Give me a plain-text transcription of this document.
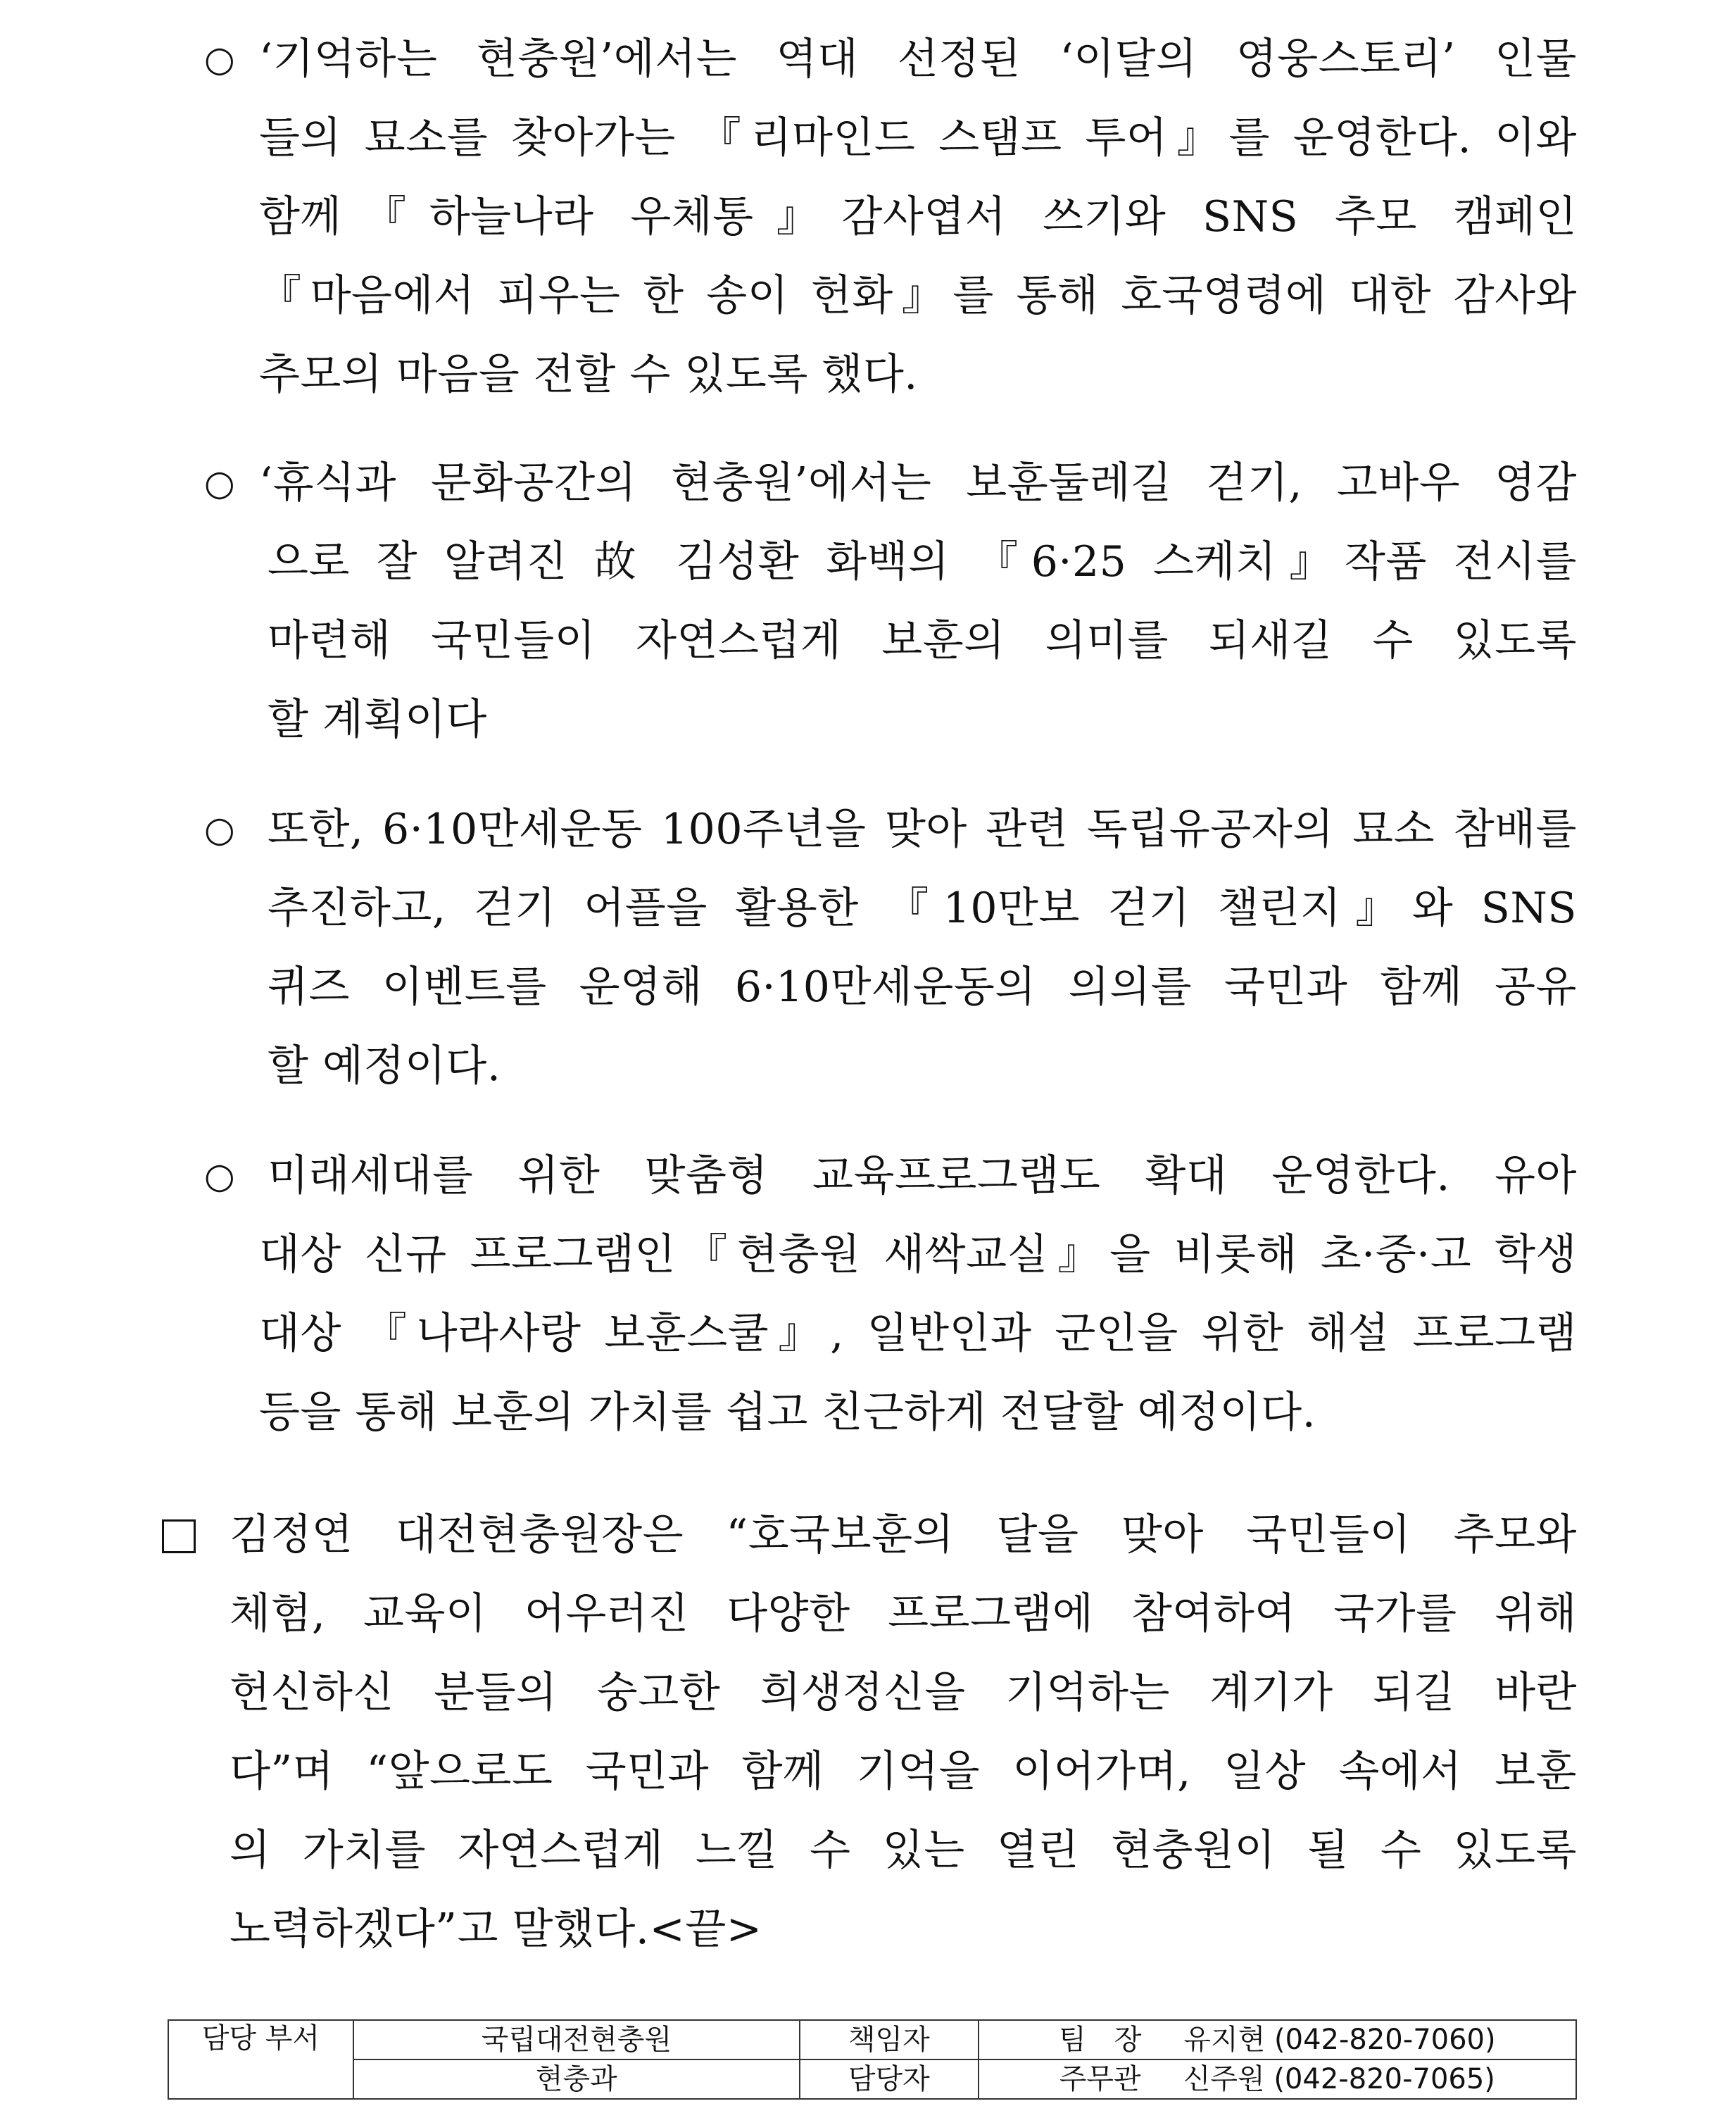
○ ‘기억하는 현충원’에서는 역대 선정된 ‘이달의 영웅스토리’ 인물
들의 묘소를 찾아가는 『리마인드 스탬프 투어』를 운영한다. 이와
함께『하늘나라 우체통』감사엽서 쓰기와 SNS 추모 캠페인
『마음에서 피우는 한 송이 헌화』를 통해 호국영령에 대한 감사와
추모의 마음을 전할 수 있도록 했다.
○ ‘휴식과 문화공간의 현충원’에서는 보훈둘레길 걷기, 고바우 영감
으로 잘 알려진 故 김성환 화백의 『6·25 스케치』작품 전시를
마련해 국민들이 자연스럽게 보훈의 의미를 되새길 수 있도록
할 계획이다
○ 또한, 6·10만세운동 100주년을 맞아 관련 독립유공자의 묘소 참배를
추진하고, 걷기 어플을 활용한 『10만보 걷기 챌린지』와 SNS
퀴즈 이벤트를 운영해 6·10만세운동의 의의를 국민과 함께 공유
할 예정이다.
○ 미래세대를 위한 맞춤형 교육프로그램도 확대 운영한다. 유아
대상 신규 프로그램인『현충원 새싹교실』을 비롯해 초·중·고 학생
대상 『나라사랑 보훈스쿨』, 일반인과 군인을 위한 해설 프로그램
등을 통해 보훈의 가치를 쉽고 친근하게 전달할 예정이다.
김정연 대전현충원장은 “호국보훈의 달을 맞아 국민들이 추모와
체험, 교육이 어우러진 다양한 프로그램에 참여하여 국가를 위해
헌신하신 분들의 숭고한 희생정신을 기억하는 계기가 되길 바란
다”며 “앞으로도 국민과 함께 기억을 이어가며, 일상 속에서 보훈
의 가치를 자연스럽게 느낄 수 있는 열린 현충원이 될 수 있도록
노력하겠다”고 말했다.<끝>
담당 부서	국립대전현충원	책임자	팀　장 유지현 (042-820-7060)

	현충과	담당자	주무관 신주원 (042-820-7065)
